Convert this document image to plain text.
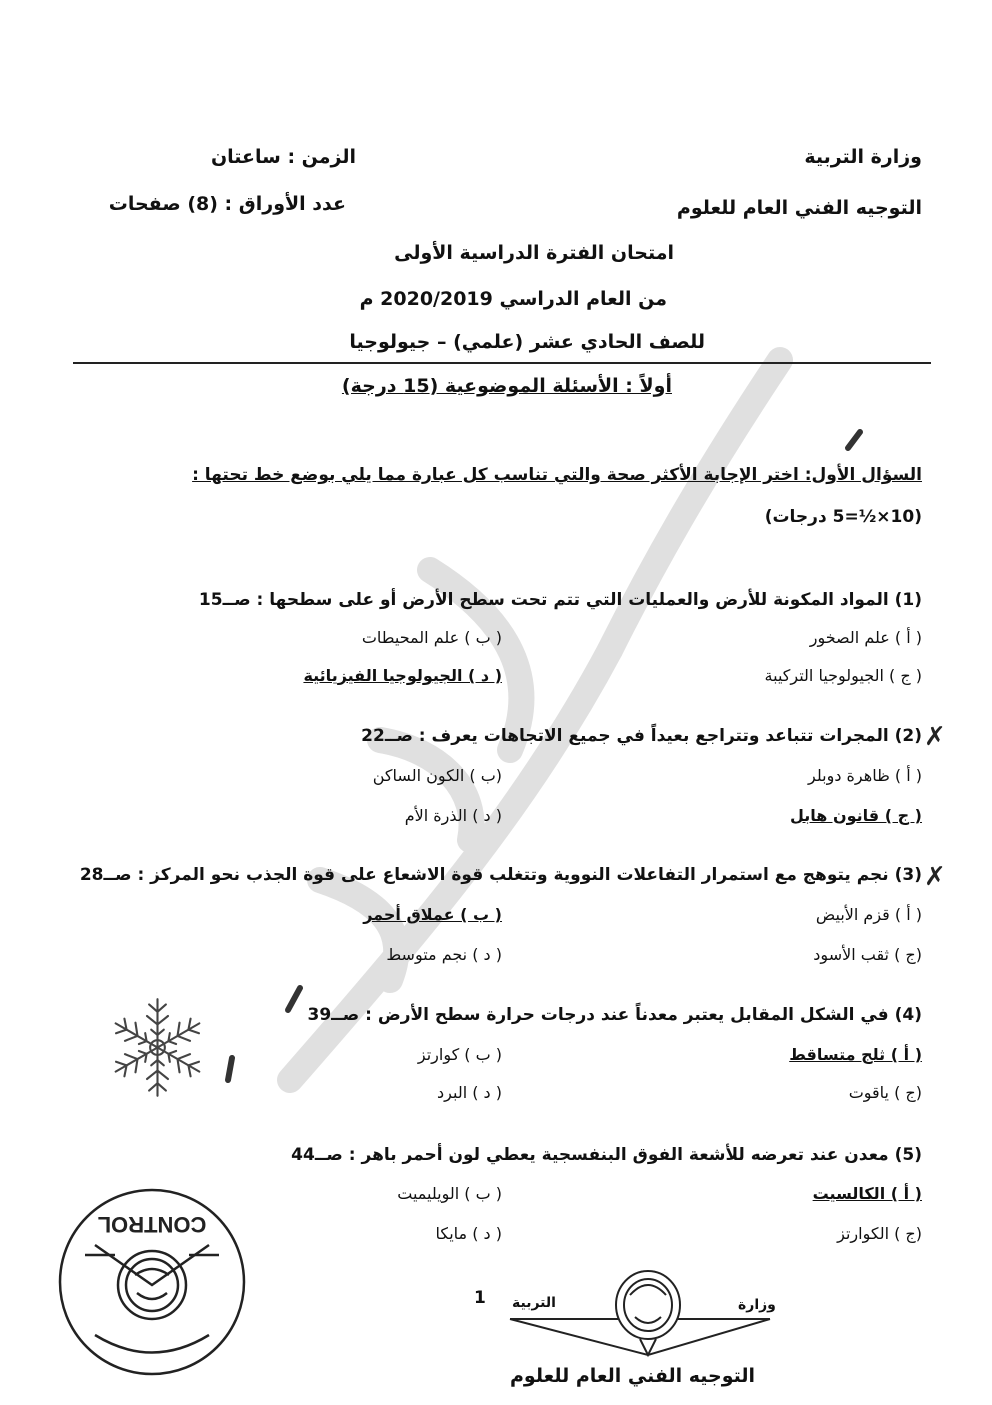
وزارة التربية
التوجيه الفني العام للعلوم
الزمن : ساعتان
عدد الأوراق : (8) صفحات
امتحان الفترة الدراسية الأولى
من العام الدراسي 2020/2019 م
للصف الحادي عشر (علمي) – جيولوجيا
أولاً : الأسئلة الموضوعية (15 درجة)
السؤال الأول: اختر الإجابة الأكثر صحة والتي تناسب كل عبارة مما يلي بوضع خط تحتها :
(10×½=5 درجات)
(1) المواد المكونة للأرض والعمليات التي تتم تحت سطح الأرض أو على سطحها : صــ15
( أ ) علم الصخور
( ب ) علم المحيطات
( ج ) الجيولوجيا التركيبة
( د ) الجيولوجيا الفيزيائية
✗
(2) المجرات تتباعد وتتراجع بعيداً في جميع الاتجاهات يعرف : صــ22
( أ ) ظاهرة دوبلر
(ب ) الكون الساكن
( ج ) قانون هابل
( د ) الذرة الأم
✗
(3) نجم يتوهج مع استمرار التفاعلات النووية وتتغلب قوة الاشعاع على قوة الجذب نحو المركز : صــ28
( أ ) قزم الأبيض
( ب ) عملاق أحمر
(ج ) ثقب الأسود
( د ) نجم متوسط
(4) في الشكل المقابل يعتبر معدناً عند درجات حرارة سطح الأرض : صــ39
( أ ) ثلج متساقط
( ب ) كوارتز
(ج ) ياقوت
( د ) البرد
(5) معدن عند تعرضه للأشعة الفوق البنفسجية يعطي لون أحمر باهر : صــ44
( أ ) الكالسيت
( ب ) الويليميت
(ج ) الكوارتز
( د ) مايكا
1	وزارة
التربية
التوجيه الفني العام للعلوم
CONTROL
